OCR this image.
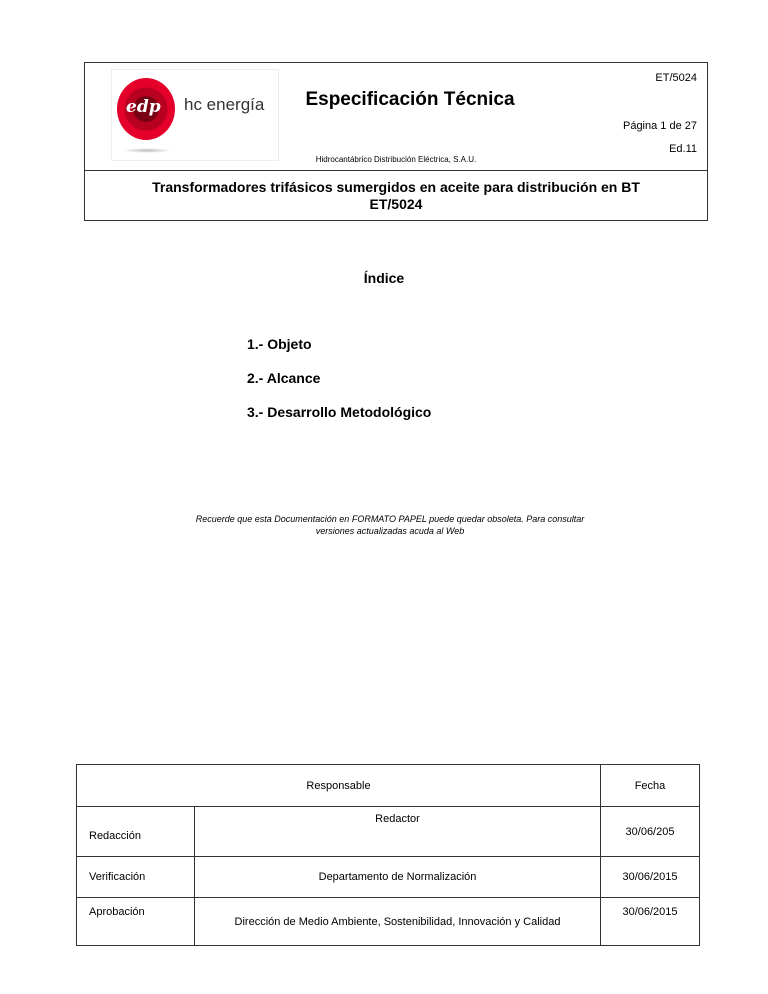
edp hc energía	Especificación Técnica
ET/5024
Página 1 de 27
Ed.11
Hidrocantábrico Distribución Eléctrica, S.A.U.
Transformadores trifásicos sumergidos en aceite para distribución en BT
ET/5024
Índice
1.- Objeto
2.- Alcance
3.- Desarrollo Metodológico
Recuerde que esta Documentación en FORMATO PAPEL puede quedar obsoleta. Para consultar
versiones actualizadas acuda al Web
Responsable		Fecha
Redacción	Redactor	30/06/205
Verificación	Departamento de Normalización	30/06/2015
Aprobación	Dirección de Medio Ambiente, Sostenibilidad, Innovación y Calidad	30/06/2015
